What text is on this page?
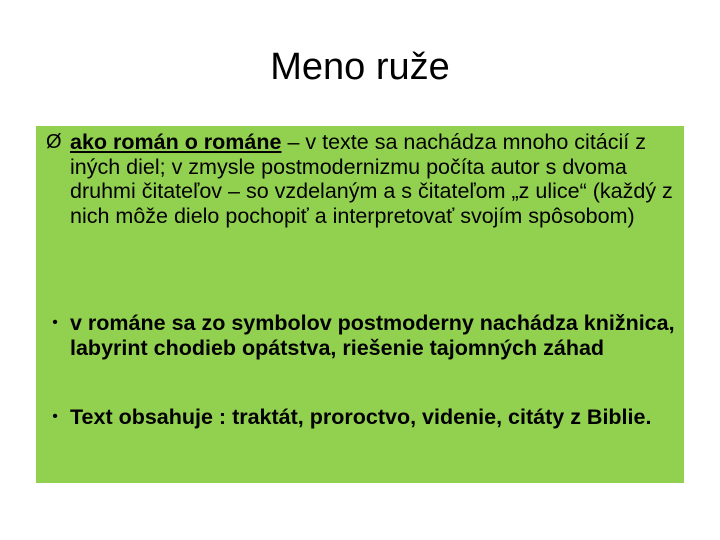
Meno ruže
Ø ako román o románe – v texte sa nachádza mnoho citácií z iných diel; v zmysle postmodernizmu počíta autor s dvoma druhmi čitateľov – so vzdelaným a s čitateľom „z ulice“ (každý z nich môže dielo pochopiť a interpretovať svojím spôsobom)
• v románe sa zo symbolov postmoderny nachádza knižnica, labyrint chodieb opátstva, riešenie tajomných záhad
• Text obsahuje : traktát, proroctvo, videnie, citáty z Biblie.
